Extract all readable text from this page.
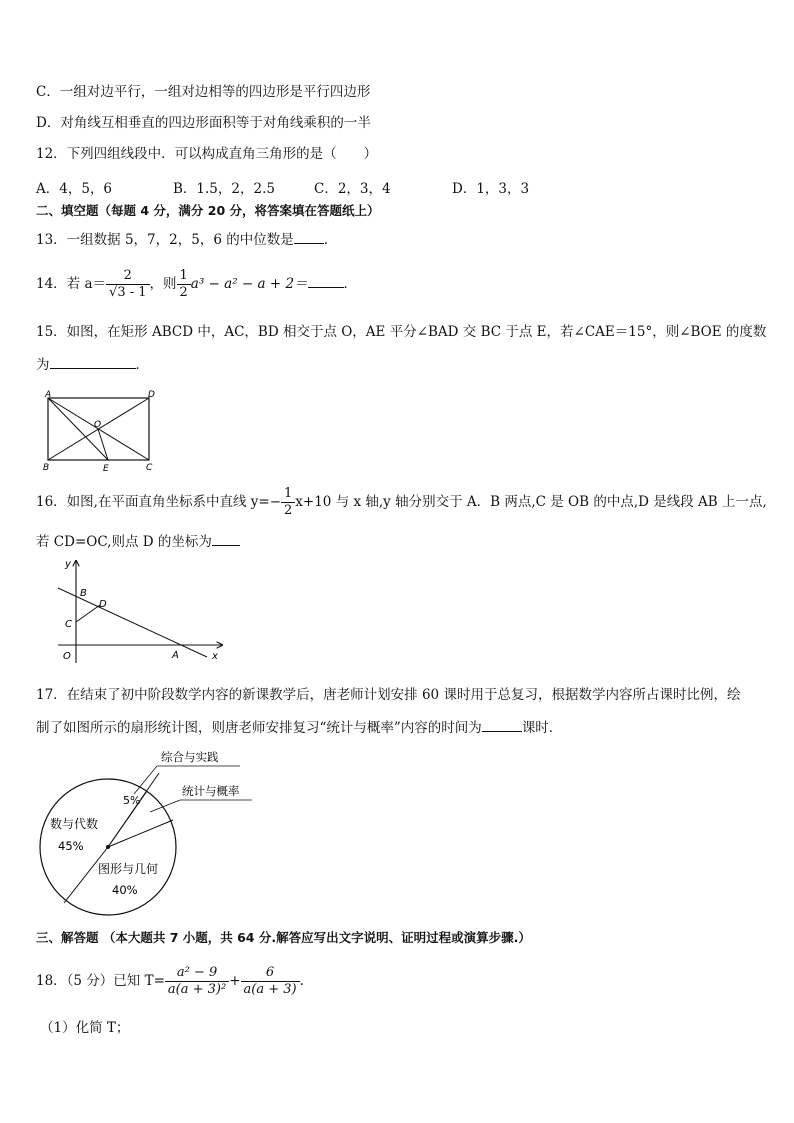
C．一组对边平行，一组对边相等的四边形是平行四边形
D．对角线互相垂直的四边形面积等于对角线乘积的一半
12．下列四组线段中．可以构成直角三角形的是（　　）
A．4，5，6	B．1.5，2，2.5	C．2，3，4	D．1，3，3
二、填空题（每题 4 分，满分 20 分，将答案填在答题纸上）
13．一组数据 5，7，2，5，6 的中位数是 ．
14．若 $a= \frac{2}{√3 - 1}$ ，则 $\frac{1}{2} a^3 - a^2 - a + 2=$	．
15．如图，在矩形 ABCD 中，AC，BD 相交于点 O，AE 平分∠BAD 交 BC 于点 E，若∠CAE＝15°，则∠BOE 的度数
为	．
A	D
O
B	E	C
16．如图,在平面直角坐标系中直线 $y=- \frac{1}{2} x+10$ 与 x 轴,y 轴分别交于 A．B 两点,C 是 OB 的中点,D 是线段 AB 上一点,
若 CD=OC,则点 D 的坐标为
y
B
D
C
O	A	x
17．在结束了初中阶段数学内容的新课教学后，唐老师计划安排 60 课时用于总复习，根据数学内容所占课时比例，绘
制了如图所示的扇形统计图，则唐老师安排复习“统计与概率”内容的时间为	课时．
综合与实践
统计与概率
5%
数与代数
45%
图形与几何
40%
三、解答题 （本大题共 7 小题，共 64 分.解答应写出文字说明、证明过程或演算步骤.）
18．（5 分）已知 $T= \frac{\text{a² − 9}}{\text{a(a + 3)²}} + \frac{6}{a(a + 3)}$ .
（1）化简 T；
